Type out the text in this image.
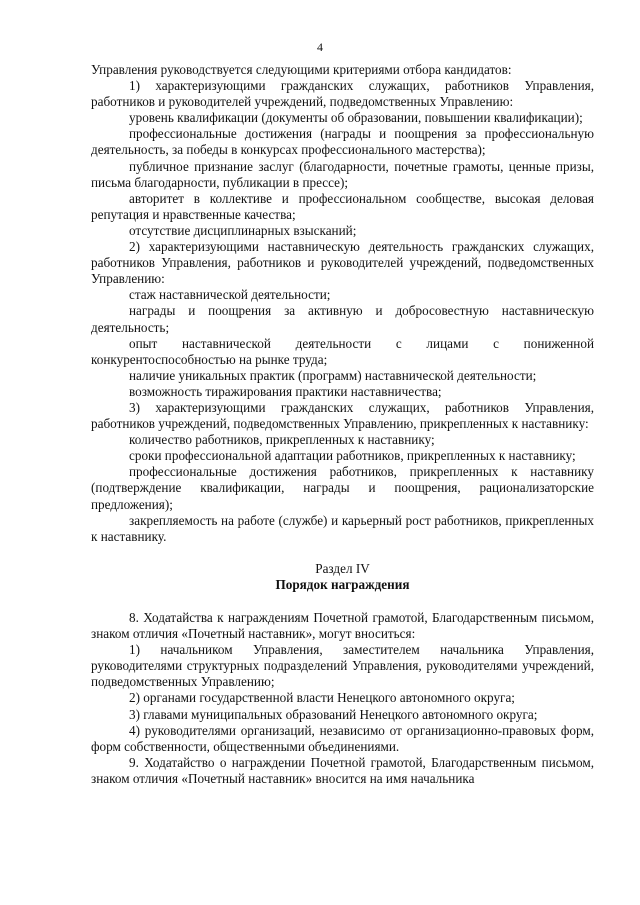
4

Управления руководствуется следующими критериями отбора кандидатов:

1) характеризующими гражданских служащих, работников Управления, работников и руководителей учреждений, подведомственных Управлению:

уровень квалификации (документы об образовании, повышении квалификации);

профессиональные достижения (награды и поощрения за профессиональную деятельность, за победы в конкурсах профессионального мастерства);

публичное признание заслуг (благодарности, почетные грамоты, ценные призы, письма благодарности, публикации в прессе);

авторитет в коллективе и профессиональном сообществе, высокая деловая репутация и нравственные качества;

отсутствие дисциплинарных взысканий;

2) характеризующими наставническую деятельность гражданских служащих, работников Управления, работников и руководителей учреждений, подведомственных Управлению:

стаж наставнической деятельности;

награды и поощрения за активную и добросовестную наставническую деятельность;

опыт наставнической деятельности с лицами с пониженной конкурентоспособностью на рынке труда;

наличие уникальных практик (программ) наставнической деятельности;

возможность тиражирования практики наставничества;

3) характеризующими гражданских служащих, работников Управления, работников учреждений, подведомственных Управлению, прикрепленных к наставнику:

количество работников, прикрепленных к наставнику;

сроки профессиональной адаптации работников, прикрепленных к наставнику;

профессиональные достижения работников, прикрепленных к наставнику (подтверждение квалификации, награды и поощрения, рационализаторские предложения);

закрепляемость на работе (службе) и карьерный рост работников, прикрепленных к наставнику.

Раздел IV

Порядок награждения

8. Ходатайства к награждениям Почетной грамотой, Благодарственным письмом, знаком отличия «Почетный наставник», могут вноситься:

1) начальником Управления, заместителем начальника Управления, руководителями структурных подразделений Управления, руководителями учреждений, подведомственных Управлению;

2) органами государственной власти Ненецкого автономного округа;

3) главами муниципальных образований Ненецкого автономного округа;

4) руководителями организаций, независимо от организационно-правовых форм, форм собственности, общественными объединениями.

9. Ходатайство о награждении Почетной грамотой, Благодарственным письмом, знаком отличия «Почетный наставник» вносится на имя начальника
